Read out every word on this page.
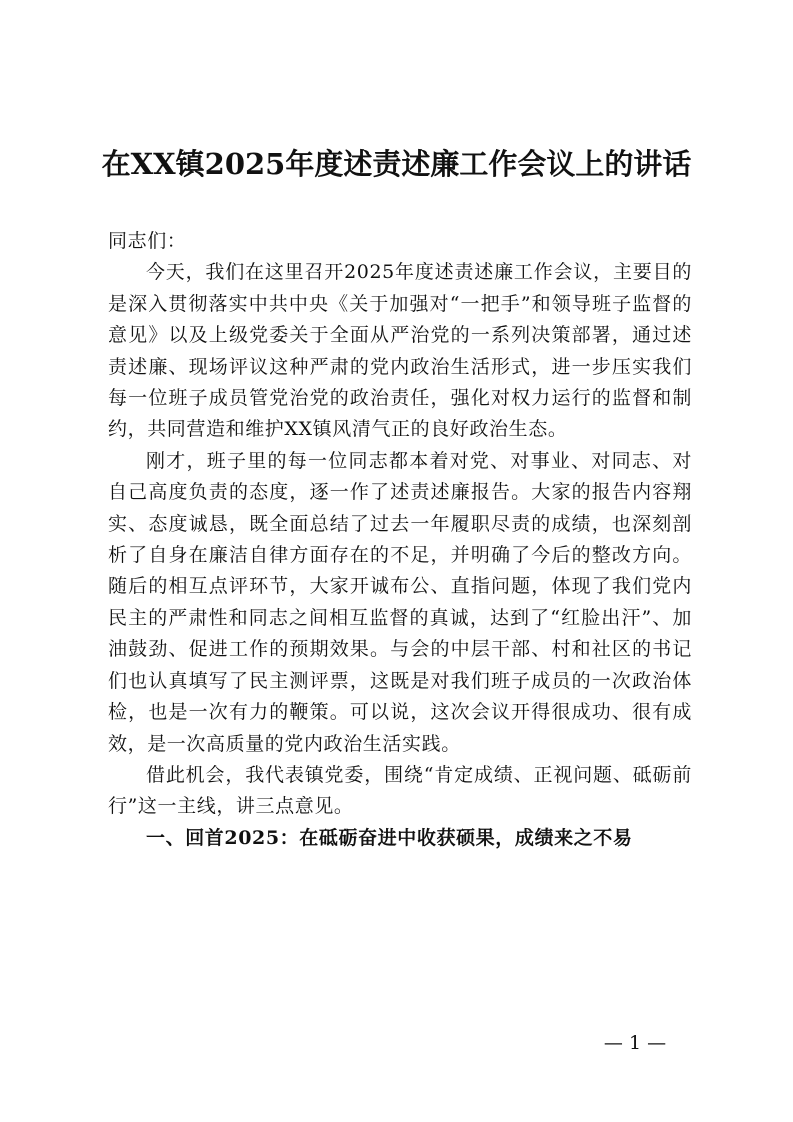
在XX镇2025年度述责述廉工作会议上的讲话

同志们：

今天，我们在这里召开2025年度述责述廉工作会议，主要目的是深入贯彻落实中共中央《关于加强对“一把手”和领导班子监督的意见》以及上级党委关于全面从严治党的一系列决策部署，通过述责述廉、现场评议这种严肃的党内政治生活形式，进一步压实我们每一位班子成员管党治党的政治责任，强化对权力运行的监督和制约，共同营造和维护XX镇风清气正的良好政治生态。

刚才，班子里的每一位同志都本着对党、对事业、对同志、对自己高度负责的态度，逐一作了述责述廉报告。大家的报告内容翔实、态度诚恳，既全面总结了过去一年履职尽责的成绩，也深刻剖析了自身在廉洁自律方面存在的不足，并明确了今后的整改方向。随后的相互点评环节，大家开诚布公、直指问题，体现了我们党内民主的严肃性和同志之间相互监督的真诚，达到了“红脸出汗”、加油鼓劲、促进工作的预期效果。与会的中层干部、村和社区的书记们也认真填写了民主测评票，这既是对我们班子成员的一次政治体检，也是一次有力的鞭策。可以说，这次会议开得很成功、很有成效，是一次高质量的党内政治生活实践。

借此机会，我代表镇党委，围绕“肯定成绩、正视问题、砥砺前行”这一主线，讲三点意见。

一、回首2025：在砥砺奋进中收获硕果，成绩来之不易

— 1 —
